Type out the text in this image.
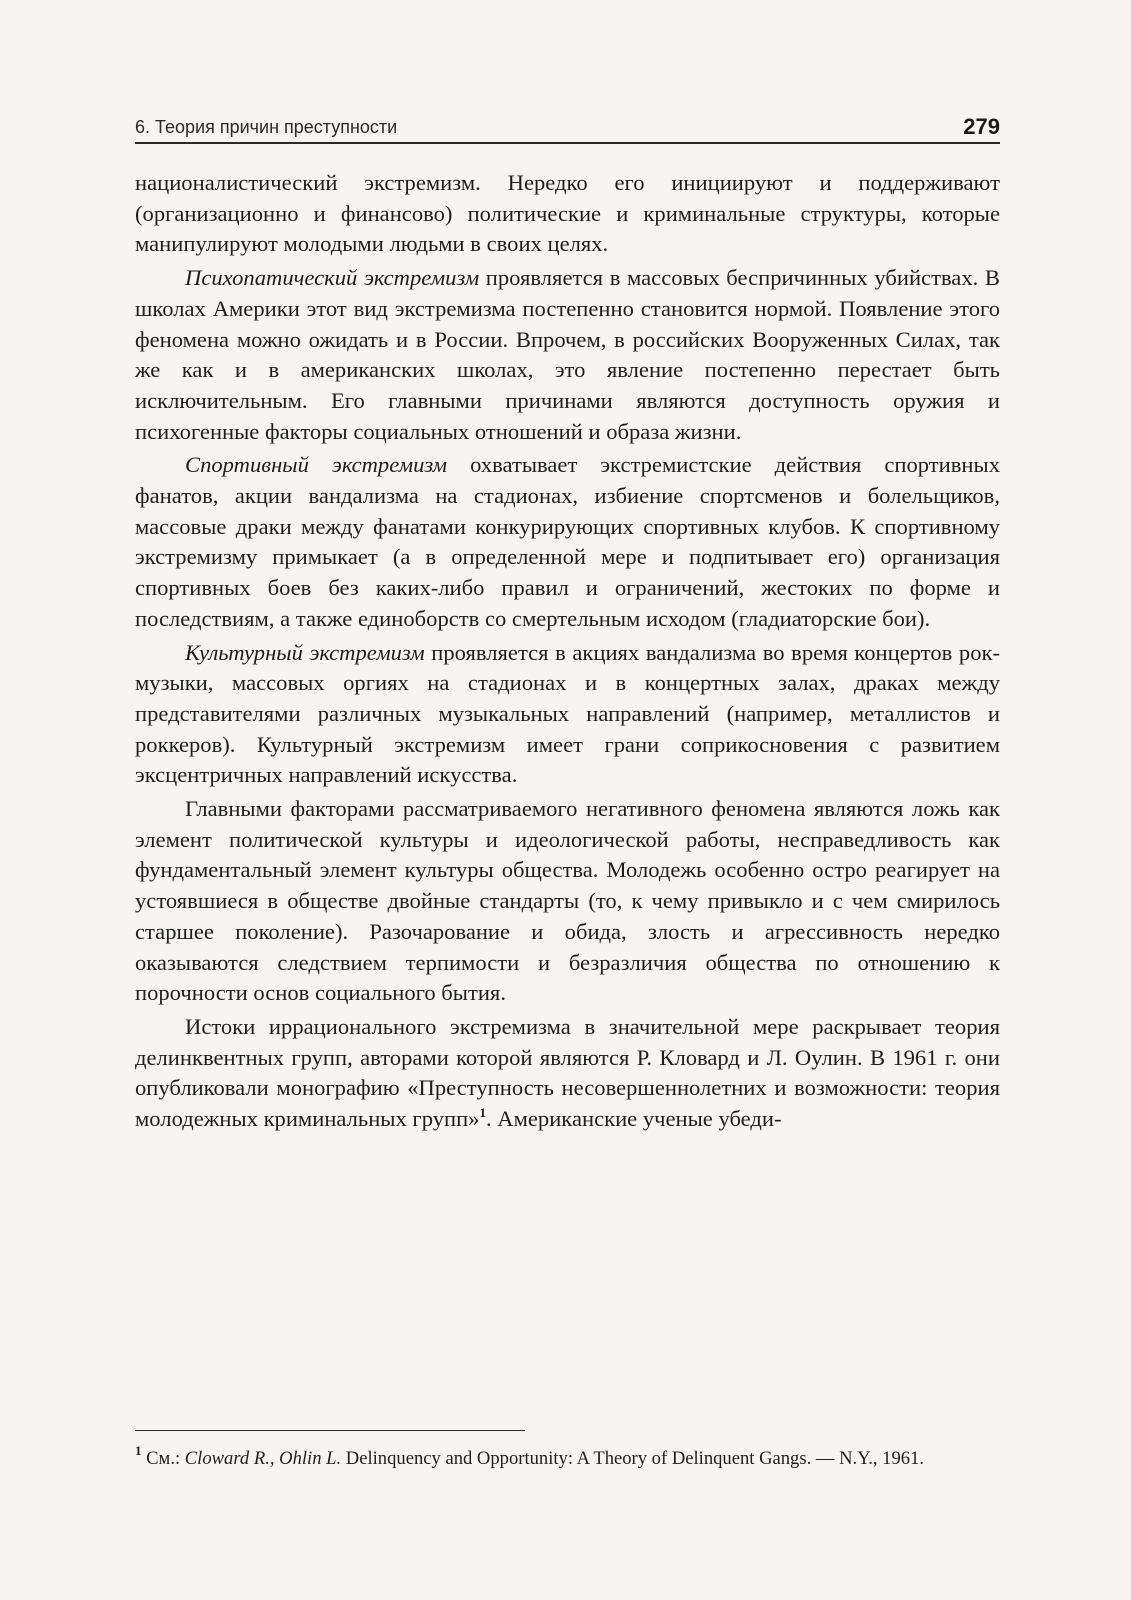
6. Теория причин преступности	279

националистический экстремизм. Нередко его инициируют и поддерживают (организационно и финансово) политические и криминальные структуры, которые манипулируют молодыми людьми в своих целях.

Психопатический экстремизм проявляется в массовых беспричинных убийствах. В школах Америки этот вид экстремизма постепенно становится нормой. Появление этого феномена можно ожидать и в России. Впрочем, в российских Вооруженных Силах, так же как и в американских школах, это явление постепенно перестает быть исключительным. Его главными причинами являются доступность оружия и психогенные факторы социальных отношений и образа жизни.

Спортивный экстремизм охватывает экстремистские действия спортивных фанатов, акции вандализма на стадионах, избиение спортсменов и болельщиков, массовые драки между фанатами конкурирующих спортивных клубов. К спортивному экстремизму примыкает (а в определенной мере и подпитывает его) организация спортивных боев без каких-либо правил и ограничений, жестоких по форме и последствиям, а также единоборств со смертельным исходом (гладиаторские бои).

Культурный экстремизм проявляется в акциях вандализма во время концертов рок-музыки, массовых оргиях на стадионах и в концертных залах, драках между представителями различных музыкальных направлений (например, металлистов и роккеров). Культурный экстремизм имеет грани соприкосновения с развитием эксцентричных направлений искусства.

Главными факторами рассматриваемого негативного феномена являются ложь как элемент политической культуры и идеологической работы, несправедливость как фундаментальный элемент культуры общества. Молодежь особенно остро реагирует на устоявшиеся в обществе двойные стандарты (то, к чему привыкло и с чем смирилось старшее поколение). Разочарование и обида, злость и агрессивность нередко оказываются следствием терпимости и безразличия общества по отношению к порочности основ социального бытия.

Истоки иррационального экстремизма в значительной мере раскрывает теория делинквентных групп, авторами которой являются Р. Кловард и Л. Оулин. В 1961 г. они опубликовали монографию «Преступность несовершеннолетних и возможности: теория молодежных криминальных групп»$^1$. Американские ученые убеди-

$^1$ См.: Cloward R., Ohlin L. Delinquency and Opportunity: A Theory of Delinquent Gangs. — N.Y., 1961.
